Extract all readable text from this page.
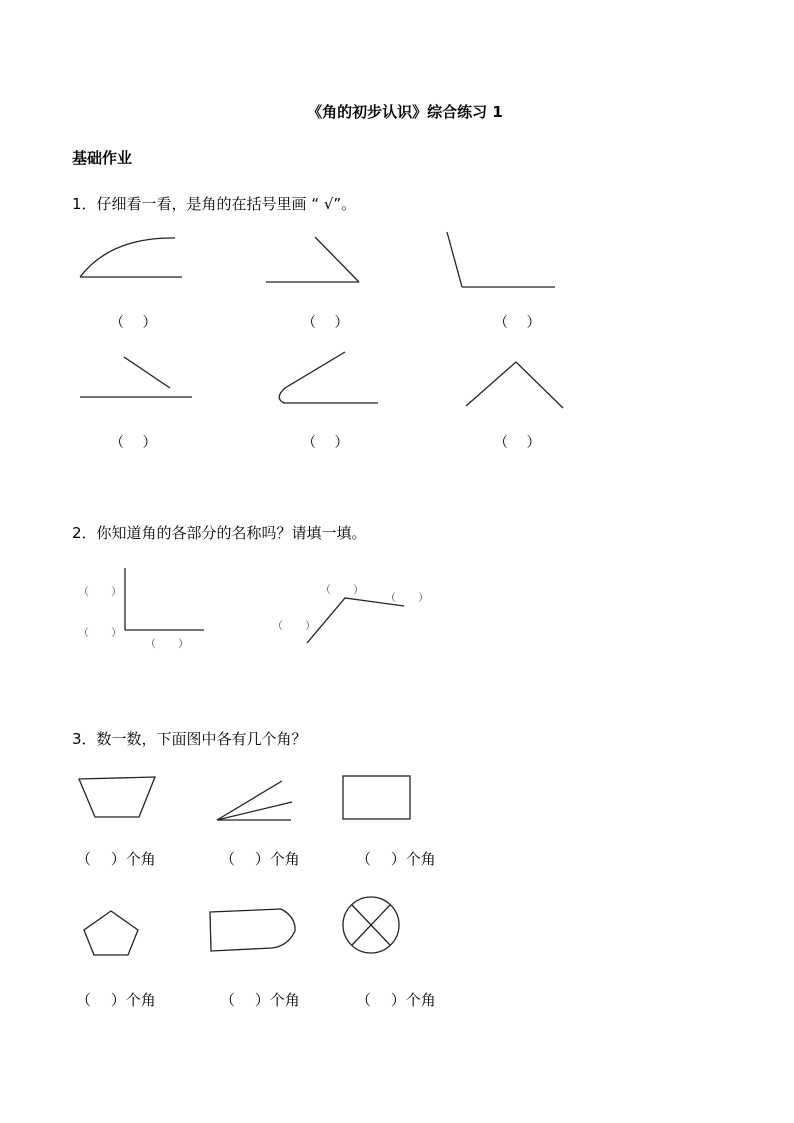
《角的初步认识》综合练习 1
基础作业
1．仔细看一看，是角的在括号里画 “ √”。
2．你知道角的各部分的名称吗？请填一填。
3．数一数，下面图中各有几个角？
（　 ）	（　 ）	（　 ）
（　 ）	（　 ）	（　 ）
（　　）
（　　）
（　　）
（　　）
（　　）
（　　）
（　 ）个角	（　 ）个角	（　 ）个角
（　 ）个角	（　 ）个角	（　 ）个角
